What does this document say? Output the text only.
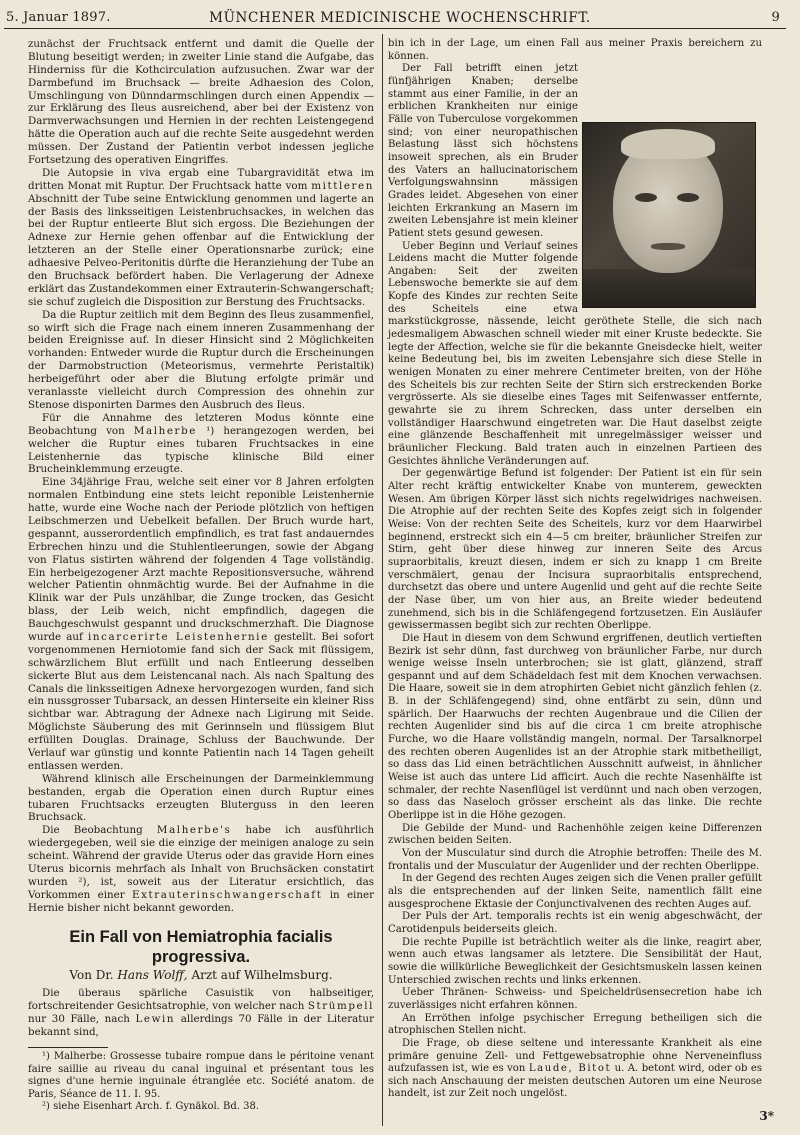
5. Januar 1897.	MÜNCHENER MEDICINISCHE WOCHENSCHRIFT.	9

zunächst der Fruchtsack entfernt und damit die Quelle der Blutung beseitigt werden; in zweiter Linie stand die Aufgabe, das Hinderniss für die Kothcirculation aufzusuchen. Zwar war der Darmbefund im Bruchsack — breite Adhaesion des Colon, Umschlingung von Dünndarmschlingen durch einen Appendix — zur Erklärung des Ileus ausreichend, aber bei der Existenz von Darmverwachsungen und Hernien in der rechten Leistengegend hätte die Operation auch auf die rechte Seite ausgedehnt werden müssen. Der Zustand der Patientin verbot indessen jegliche Fortsetzung des operativen Eingriffes.

Die Autopsie in viva ergab eine Tubargravidität etwa im dritten Monat mit Ruptur. Der Fruchtsack hatte vom mittleren Abschnitt der Tube seine Entwicklung genommen und lagerte an der Basis des linksseitigen Leistenbruchsackes, in welchen das bei der Ruptur entleerte Blut sich ergoss. Die Beziehungen der Adnexe zur Hernie gehen offenbar auf die Entwicklung der letzteren an der Stelle einer Operationsnarbe zurück; eine adhaesive Pelveo-Peritonitis dürfte die Heranziehung der Tube an den Bruchsack befördert haben. Die Verlagerung der Adnexe erklärt das Zustandekommen einer Extrauterin-Schwangerschaft; sie schuf zugleich die Disposition zur Berstung des Fruchtsacks.

Da die Ruptur zeitlich mit dem Beginn des Ileus zusammenfiel, so wirft sich die Frage nach einem inneren Zusammenhang der beiden Ereignisse auf. In dieser Hinsicht sind 2 Möglichkeiten vorhanden: Entweder wurde die Ruptur durch die Erscheinungen der Darmobstruction (Meteorismus, vermehrte Peristaltik) herbeigeführt oder aber die Blutung erfolgte primär und veranlasste vielleicht durch Compression des ohnehin zur Stenose disponirten Darmes den Ausbruch des Ileus.

Für die Annahme des letzteren Modus könnte eine Beobachtung von Malherbe ¹) herangezogen werden, bei welcher die Ruptur eines tubaren Fruchtsackes in eine Leistenhernie das typische klinische Bild einer Brucheinklemmung erzeugte.

Eine 34jährige Frau, welche seit einer vor 8 Jahren erfolgten normalen Entbindung eine stets leicht reponible Leistenhernie hatte, wurde eine Woche nach der Periode plötzlich von heftigen Leibschmerzen und Uebelkeit befallen. Der Bruch wurde hart, gespannt, ausserordentlich empfindlich, es trat fast andauerndes Erbrechen hinzu und die Stuhlentleerungen, sowie der Abgang von Flatus sistirten während der folgenden 4 Tage vollständig. Ein herbeigezogener Arzt machte Repositionsversuche, während welcher Patientin ohnmächtig wurde. Bei der Aufnahme in die Klinik war der Puls unzählbar, die Zunge trocken, das Gesicht blass, der Leib weich, nicht empfindlich, dagegen die Bauchgeschwulst gespannt und druckschmerzhaft. Die Diagnose wurde auf incarcerirte Leistenhernie gestellt. Bei sofort vorgenommenen Herniotomie fand sich der Sack mit flüssigem, schwärzlichem Blut erfüllt und nach Entleerung desselben sickerte Blut aus dem Leistencanal nach. Als nach Spaltung des Canals die linksseitigen Adnexe hervorgezogen wurden, fand sich ein nussgrosser Tubarsack, an dessen Hinterseite ein kleiner Riss sichtbar war. Abtragung der Adnexe nach Ligirung mit Seide. Möglichste Säuberung des mit Gerinnseln und flüssigem Blut erfüllten Douglas. Drainage, Schluss der Bauchwunde. Der Verlauf war günstig und konnte Patientin nach 14 Tagen geheilt entlassen werden.

Während klinisch alle Erscheinungen der Darmeinklemmung bestanden, ergab die Operation einen durch Ruptur eines tubaren Fruchtsacks erzeugten Bluterguss in den leeren Bruchsack.

Die Beobachtung Malherbe's habe ich ausführlich wiedergegeben, weil sie die einzige der meinigen analoge zu sein scheint. Während der gravide Uterus oder das gravide Horn eines Uterus bicornis mehrfach als Inhalt von Bruchsäcken constatirt wurden ²), ist, soweit aus der Literatur ersichtlich, das Vorkommen einer Extrauterinschwangerschaft in einer Hernie bisher nicht bekannt geworden.

Ein Fall von Hemiatrophia facialis progressiva.
Von Dr. Hans Wolff, Arzt auf Wilhelmsburg.

Die überaus spärliche Casuistik von halbseitiger, fortschreitender Gesichtsatrophie, von welcher nach Strümpell nur 30 Fälle, nach Lewin allerdings 70 Fälle in der Literatur bekannt sind,

¹) Malherbe: Grossesse tubaire rompue dans le péritoine venant faire saillie au riveau du canal inguinal et présentant tous les signes d'une hernie inguinale étranglée etc. Société anatom. de Paris, Séance de 11. I. 95.

²) siehe Eisenhart Arch. f. Gynäkol. Bd. 38.

bin ich in der Lage, um einen Fall aus meiner Praxis bereichern zu können.

Der Fall betrifft einen jetzt fünfjährigen Knaben; derselbe stammt aus einer Familie, in der an erblichen Krankheiten nur einige Fälle von Tuberculose vorgekommen sind; von einer neuropathischen Belastung lässt sich höchstens insoweit sprechen, als ein Bruder des Vaters an hallucinatorischem Verfolgungswahnsinn mässigen Grades leidet. Abgesehen von einer leichten Erkrankung an Masern im zweiten Lebensjahre ist mein kleiner Patient stets gesund gewesen.

Ueber Beginn und Verlauf seines Leidens macht die Mutter folgende Angaben: Seit der zweiten Lebenswoche bemerkte sie auf dem Kopfe des Kindes zur rechten Seite des Scheitels eine etwa markstückgrosse, nässende, leicht geröthete Stelle, die sich nach jedesmaligem Abwaschen schnell wieder mit einer Kruste bedeckte. Sie legte der Affection, welche sie für die bekannte Gneisdecke hielt, weiter keine Bedeutung bei, bis im zweiten Lebensjahre sich diese Stelle in wenigen Monaten zu einer mehrere Centimeter breiten, von der Höhe des Scheitels bis zur rechten Seite der Stirn sich erstreckenden Borke vergrösserte. Als sie dieselbe eines Tages mit Seifenwasser entfernte, gewahrte sie zu ihrem Schrecken, dass unter derselben ein vollständiger Haarschwund eingetreten war. Die Haut daselbst zeigte eine glänzende Beschaffenheit mit unregelmässiger weisser und bräunlicher Fleckung. Bald traten auch in einzelnen Partieen des Gesichtes ähnliche Veränderungen auf.

Der gegenwärtige Befund ist folgender: Der Patient ist ein für sein Alter recht kräftig entwickelter Knabe von munterem, geweckten Wesen. Am übrigen Körper lässt sich nichts regelwidriges nachweisen. Die Atrophie auf der rechten Seite des Kopfes zeigt sich in folgender Weise: Von der rechten Seite des Scheitels, kurz vor dem Haarwirbel beginnend, erstreckt sich ein 4—5 cm breiter, bräunlicher Streifen zur Stirn, geht über diese hinweg zur inneren Seite des Arcus supraorbitalis, kreuzt diesen, indem er sich zu knapp 1 cm Breite verschmälert, genau der Incisura supraorbitalis entsprechend, durchsetzt das obere und untere Augenlid und geht auf die rechte Seite der Nase über, um von hier aus, an Breite wieder bedeutend zunehmend, sich bis in die Schläfengegend fortzusetzen. Ein Ausläufer gewissermassen begibt sich zur rechten Oberlippe.

Die Haut in diesem von dem Schwund ergriffenen, deutlich vertieften Bezirk ist sehr dünn, fast durchweg von bräunlicher Farbe, nur durch wenige weisse Inseln unterbrochen; sie ist glatt, glänzend, straff gespannt und auf dem Schädeldach fest mit dem Knochen verwachsen. Die Haare, soweit sie in dem atrophirten Gebiet nicht gänzlich fehlen (z. B. in der Schläfengegend) sind, ohne entfärbt zu sein, dünn und spärlich. Der Haarwuchs der rechten Augenbraue und die Cilien der rechten Augenlider sind bis auf die circa 1 cm breite atrophische Furche, wo die Haare vollständig mangeln, normal. Der Tarsalknorpel des rechten oberen Augenlides ist an der Atrophie stark mitbetheiligt, so dass das Lid einen beträchtlichen Ausschnitt aufweist, in ähnlicher Weise ist auch das untere Lid afficirt. Auch die rechte Nasenhälfte ist schmaler, der rechte Nasenflügel ist verdünnt und nach oben verzogen, so dass das Naseloch grösser erscheint als das linke. Die rechte Oberlippe ist in die Höhe gezogen.

Die Gebilde der Mund- und Rachenhöhle zeigen keine Differenzen zwischen beiden Seiten.

Von der Musculatur sind durch die Atrophie betroffen: Theile des M. frontalis und der Musculatur der Augenlider und der rechten Oberlippe.

In der Gegend des rechten Auges zeigen sich die Venen praller gefüllt als die entsprechenden auf der linken Seite, namentlich fällt eine ausgesprochene Ektasie der Conjunctivalvenen des rechten Auges auf.

Der Puls der Art. temporalis rechts ist ein wenig abgeschwächt, der Carotidenpuls beiderseits gleich.

Die rechte Pupille ist beträchtlich weiter als die linke, reagirt aber, wenn auch etwas langsamer als letztere. Die Sensibilität der Haut, sowie die willkürliche Beweglichkeit der Gesichtsmuskeln lassen keinen Unterschied zwischen rechts und links erkennen.

Ueber Thränen- Schweiss- und Speicheldrüsensecretion habe ich zuverlässiges nicht erfahren können.

An Erröthen infolge psychischer Erregung betheiligen sich die atrophischen Stellen nicht.

Die Frage, ob diese seltene und interessante Krankheit als eine primäre genuine Zell- und Fettgewebsatrophie ohne Nerveneinfluss aufzufassen ist, wie es von Laude, Bitot u. A. betont wird, oder ob es sich nach Anschauung der meisten deutschen Autoren um eine Neurose handelt, ist zur Zeit noch ungelöst.

3*
